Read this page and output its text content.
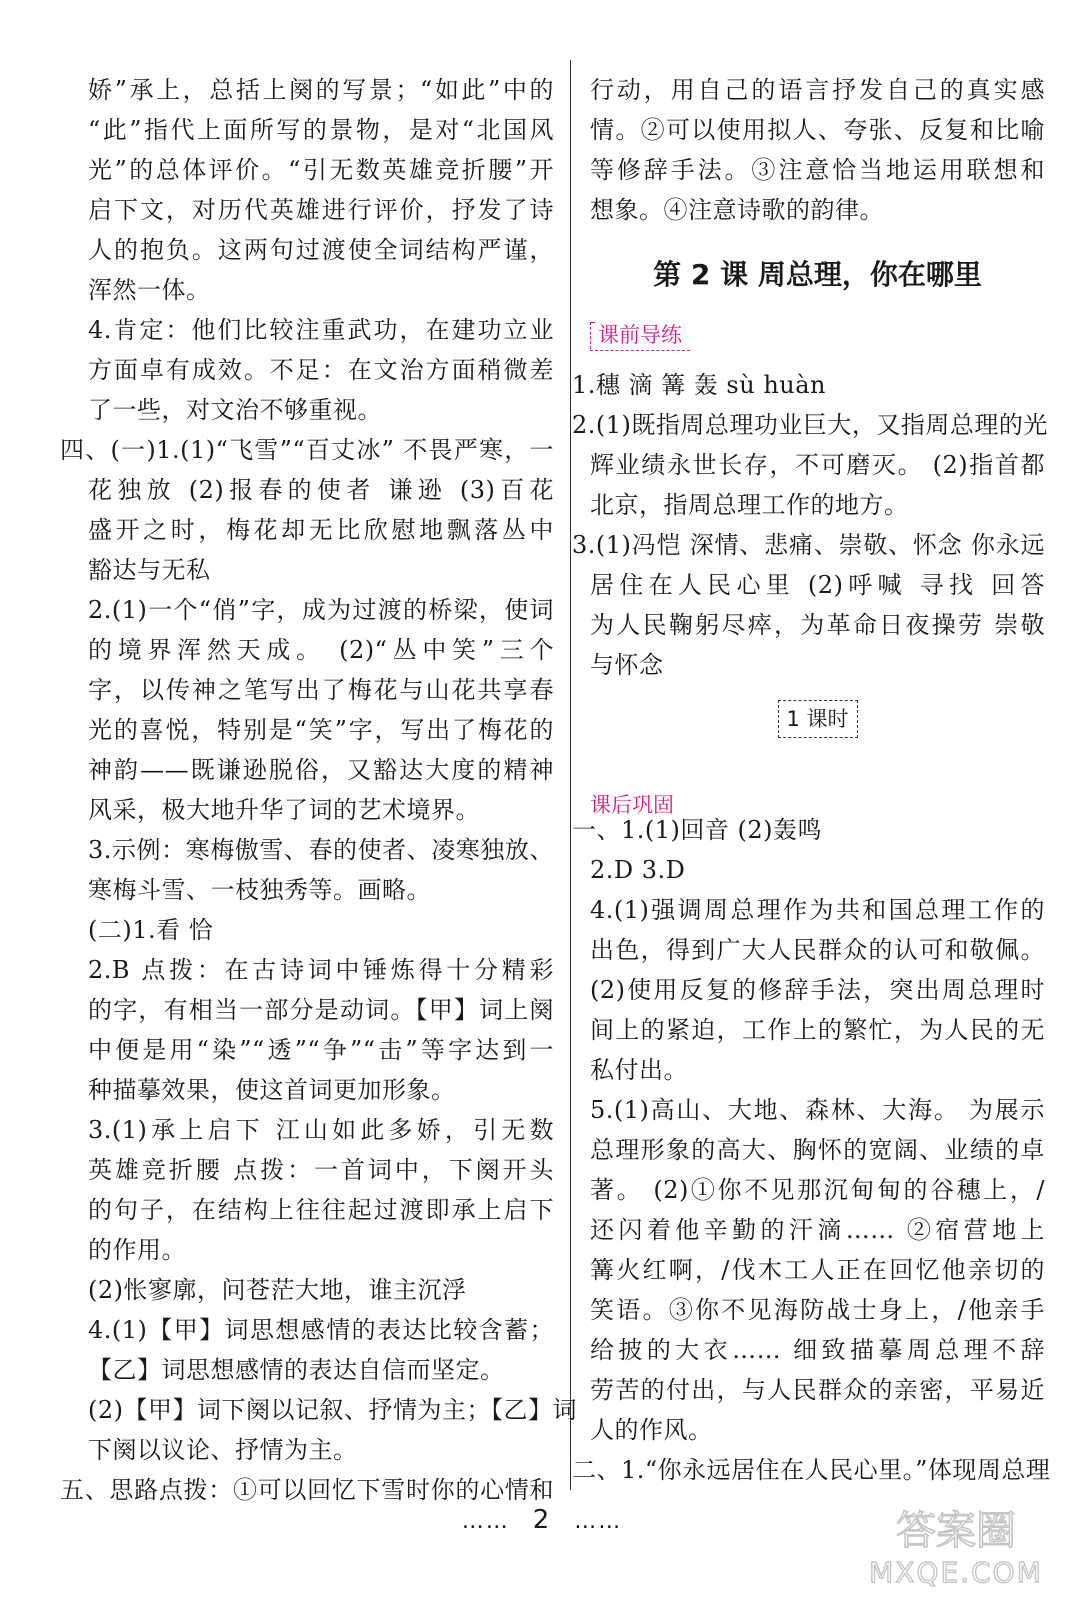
娇”承上，总括上阕的写景；“如此”中的
“此”指代上面所写的景物，是对“北国风
光”的总体评价。“引无数英雄竞折腰”开
启下文，对历代英雄进行评价，抒发了诗
人的抱负。这两句过渡使全词结构严谨，
浑然一体。
4.肯定：他们比较注重武功，在建功立业
方面卓有成效。不足：在文治方面稍微差
了一些，对文治不够重视。
四、(一)1.(1)“飞雪”“百丈冰” 不畏严寒，一
花独放 (2)报春的使者 谦逊 (3)百花
盛开之时，梅花却无比欣慰地飘落丛中
豁达与无私
2.(1)一个“俏”字，成为过渡的桥梁，使词
的境界浑然天成。 (2)“丛中笑”三个
字，以传神之笔写出了梅花与山花共享春
光的喜悦，特别是“笑”字，写出了梅花的
神韵——既谦逊脱俗，又豁达大度的精神
风采，极大地升华了词的艺术境界。
3.示例：寒梅傲雪、春的使者、凌寒独放、
寒梅斗雪、一枝独秀等。画略。
(二)1.看 恰
2.B 点拨：在古诗词中锤炼得十分精彩
的字，有相当一部分是动词。【甲】词上阕
中便是用“染”“透”“争”“击”等字达到一
种描摹效果，使这首词更加形象。
3.(1)承上启下 江山如此多娇，引无数
英雄竞折腰 点拨：一首词中，下阕开头
的句子，在结构上往往起过渡即承上启下
的作用。
(2)怅寥廓，问苍茫大地，谁主沉浮
4.(1)【甲】词思想感情的表达比较含蓄；
【乙】词思想感情的表达自信而坚定。
(2)【甲】词下阕以记叙、抒情为主；【乙】词
下阕以议论、抒情为主。
五、思路点拨：①可以回忆下雪时你的心情和
行动，用自己的语言抒发自己的真实感
情。②可以使用拟人、夸张、反复和比喻
等修辞手法。③注意恰当地运用联想和
想象。④注意诗歌的韵律。
第 2 课 周总理，你在哪里
课前导练
1.穗 滴 篝 轰 sù huàn
2.(1)既指周总理功业巨大，又指周总理的光
辉业绩永世长存，不可磨灭。 (2)指首都
北京，指周总理工作的地方。
3.(1)冯恺 深情、悲痛、崇敬、怀念 你永远
居住在人民心里 (2)呼喊 寻找 回答
为人民鞠躬尽瘁，为革命日夜操劳 崇敬
与怀念
1 课时
课后巩固
一、1.(1)回音 (2)轰鸣
2.D 3.D
4.(1)强调周总理作为共和国总理工作的
出色，得到广大人民群众的认可和敬佩。
(2)使用反复的修辞手法，突出周总理时
间上的紧迫，工作上的繁忙，为人民的无
私付出。
5.(1)高山、大地、森林、大海。 为展示
总理形象的高大、胸怀的宽阔、业绩的卓
著。 (2)①你不见那沉甸甸的谷穗上，/
还闪着他辛勤的汗滴…… ②宿营地上
篝火红啊，/伐木工人正在回忆他亲切的
笑语。③你不见海防战士身上，/他亲手
给披的大衣…… 细致描摹周总理不辞
劳苦的付出，与人民群众的亲密，平易近
人的作风。
二、1.“你永远居住在人民心里。”体现周总理
…… 2 ……	答案圈
MXQE.COM
